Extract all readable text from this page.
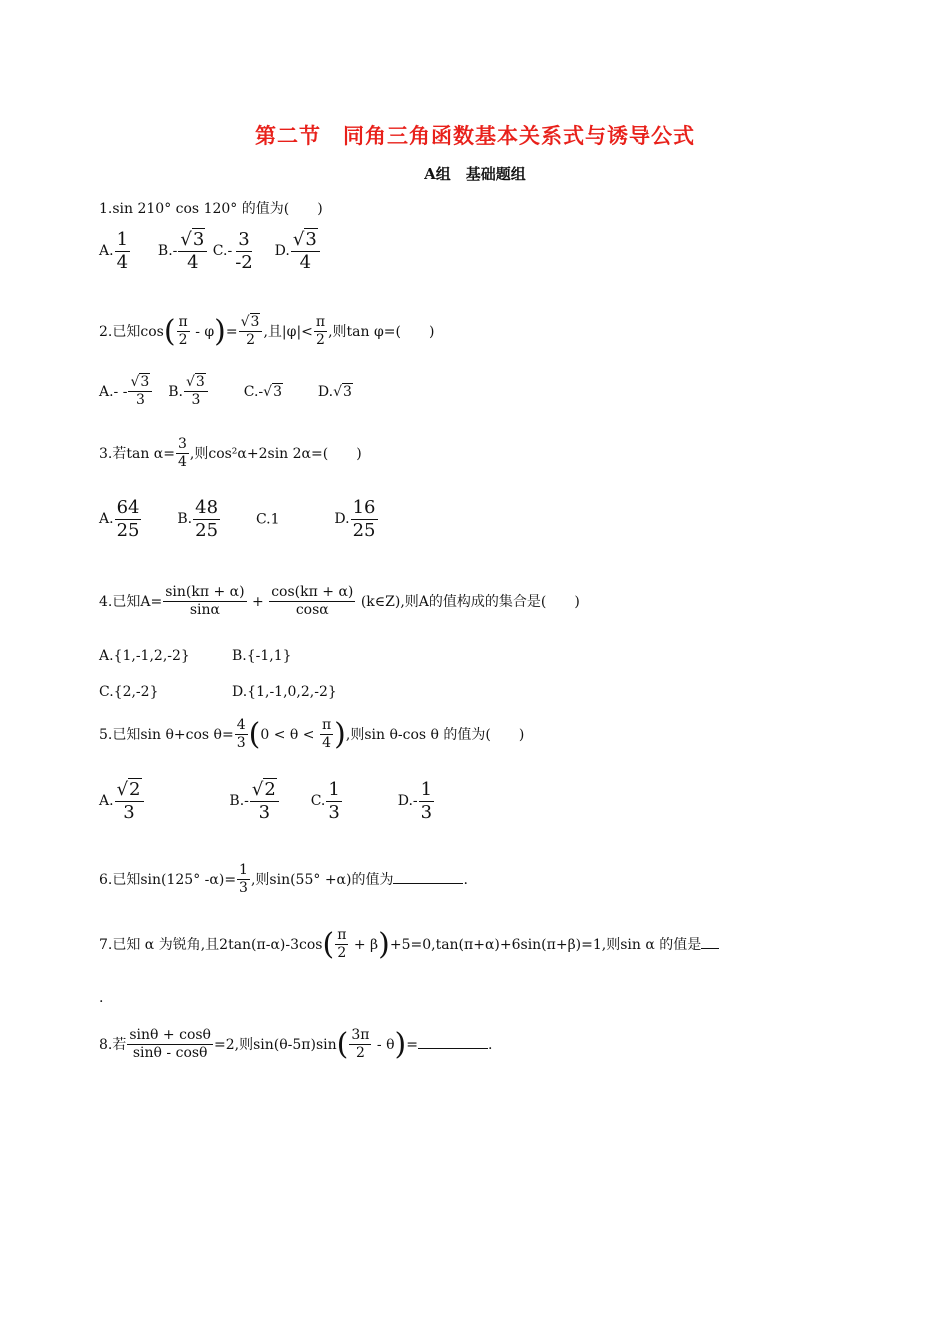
第二节　同角三角函数基本关系式与诱导公式
A组　基础题组
1.sin 210° cos 120° 的值为(　　)
A. $\frac{1}{4} B.- \frac{√3}{4} C.- \frac{3}{-2} D$. $\frac{√3}{4}$
2.已知$\cos( \frac{\pi}{2} - \varphi)= \frac{√3}{2}$ ,且$|\varphi|< \frac{\pi}{2}$ ,则tan φ=(　　)
$A.- - \frac{√3}{3} B$. $\frac{√3}{3}$	C.-√3	D.√3
3.若$\tan \alpha= \frac{3}{4}$ ,则cos²α+2sin 2α=(　　)
A. $\frac{64}{25}$	B. $\frac{48}{25}$	C.1	D. $\frac{16}{25}$
4.已知$A= \frac{\sin(k\pi + \alpha)}{\sin\alpha} + \frac{\cos(k\pi + \alpha)}{\cos\alpha}$ (k∈Z),则A的值构成的集合是(　　)
A.{1,-1,2,-2}	B.{-1,1}
C.{2,-2}	D.{1,-1,0,2,-2}
5.已知sin θ+cos $\theta= \frac{4}{3} (0 < \theta < \frac{\pi}{4}$ ),则sin θ-cos θ 的值为(　　)
A. $\frac{√2}{3}$	$B.- \frac{√2}{3} C$. $\frac{1}{3}$	$D.- \frac{1}{3}$
6.已知sin(125° $-\alpha)= \frac{1}{3}$ ,则sin(55° +α)的值为	.
7.已知 α 为锐角,且$2\tan(\pi-\alpha)-3\cos( \frac{\pi}{2} + \beta)+5=0,\tan(\pi+\alpha)+6\sin(\pi+\beta)=1$,则sin α 的值是
.
8.若 $\frac{\sin\theta + \cos\theta}{\sin\theta - \cos\theta} =2$,则$\sin(\theta-5\pi)\sin( \frac{3\pi}{2} - \theta)=$	.
